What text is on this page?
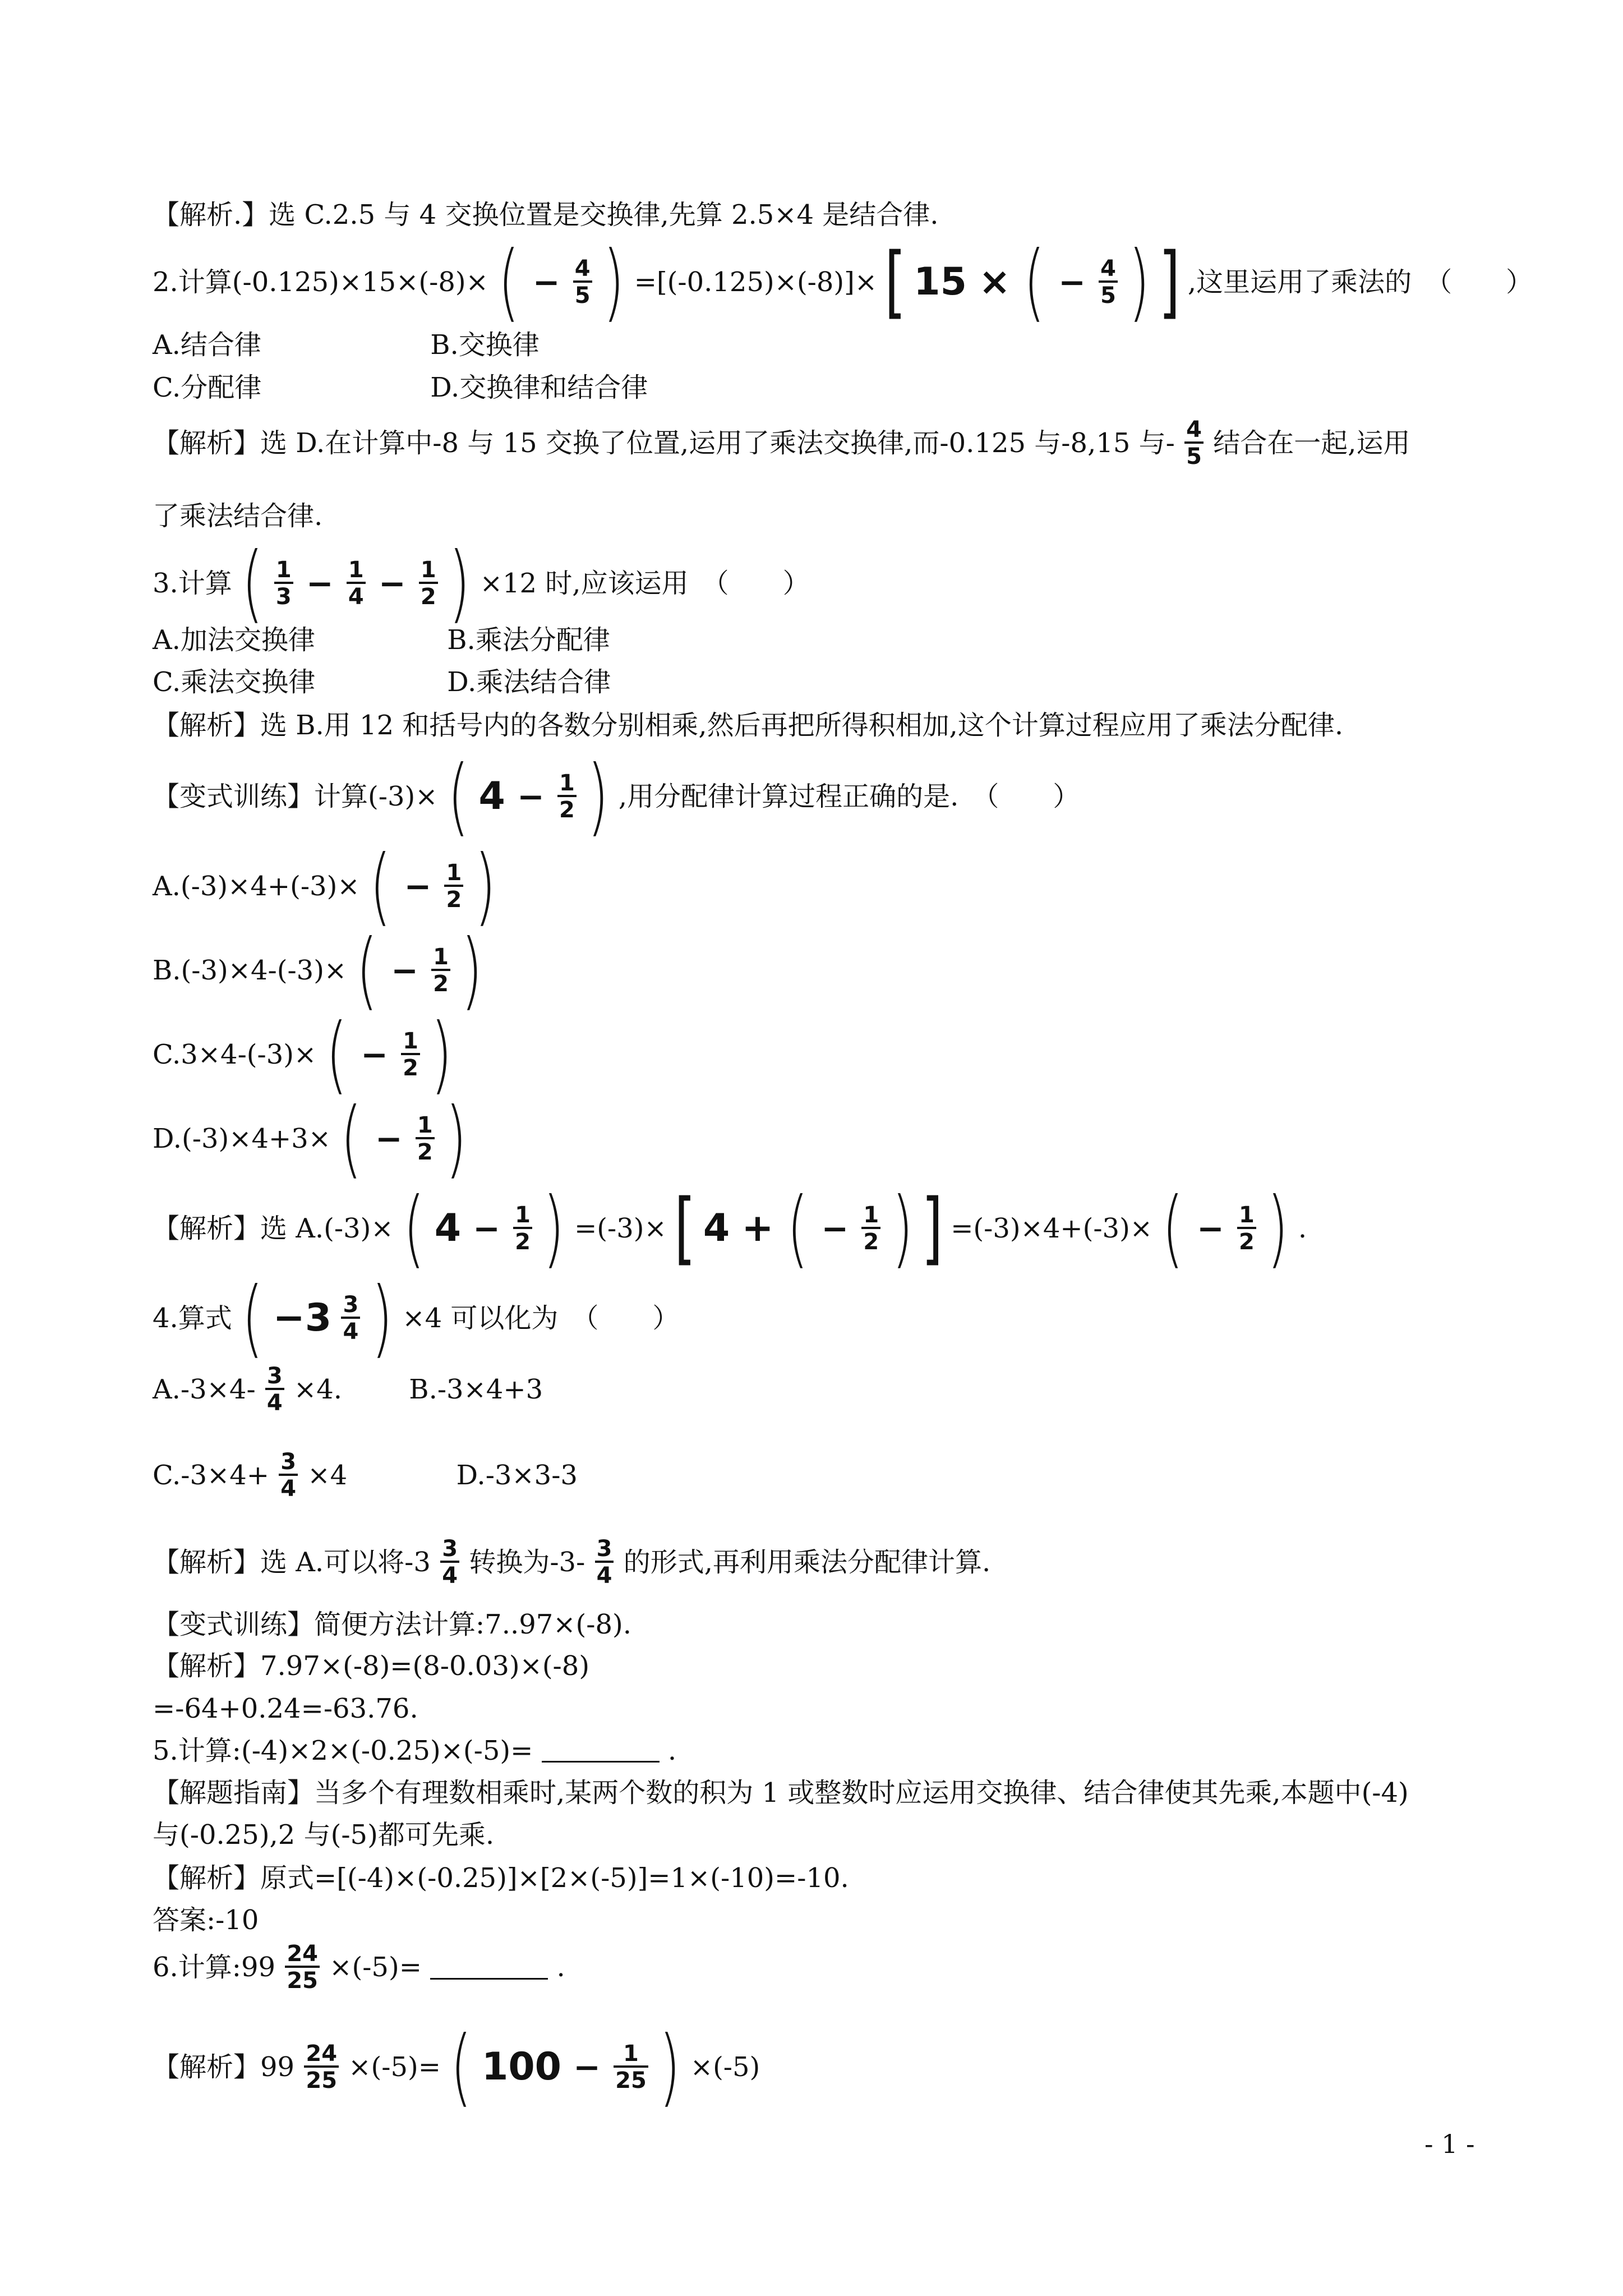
【解析.】选 C.2.5 与 4 交换位置是交换律,先算 2.5×4 是结合律.
2.计算(-0.125)×15×(-8)× ( − $\frac{4}{5}$ ) =[(-0.125)×(-8)]× [ 15 × ( − $\frac{4}{5}$ ) ] ,这里运用了乘法的　（　　）
A.结合律	B.交换律
C.分配律	D.交换律和结合律
【解析】选 D.在计算中-8 与 15 交换了位置,运用了乘法交换律,而-0.125 与-8,15 与- $\frac{4}{5}$ 结合在一起,运用
了乘法结合律.
3.计算 ( $\frac{1}{3} - \frac{1}{4} - \frac{1}{2}$ ) ×12 时,应该运用　（　　）
A.加法交换律	B.乘法分配律
C.乘法交换律	D.乘法结合律
【解析】选 B.用 12 和括号内的各数分别相乘,然后再把所得积相加,这个计算过程应用了乘法分配律.
【变式训练】计算(-3)× ( $4 - \frac{1}{2}$ ) ,用分配律计算过程正确的是.　（　　）
A.(-3)×4+(-3)× ( − $\frac{1}{2}$ )
B.(-3)×4-(-3)× ( − $\frac{1}{2}$ )
C.3×4-(-3)× ( − $\frac{1}{2}$ )
D.(-3)×4+3× ( − $\frac{1}{2}$ )
【解析】选 A.(-3)× ( $4 - \frac{1}{2}$ ) =(-3)× [ 4 + ( − $\frac{1}{2}$ ) ] =(-3)×4+(-3)× ( − $\frac{1}{2}$ ) .
4.算式 ( $-3 \frac{3}{4}$ ) ×4 可以化为　（　　）
$A.-3\times 4- \frac{3}{4} \times 4$. B.-3×4+3
$C.-3\times 4+ \frac{3}{4} \times 4$	D.-3×3-3
【解析】选 A.可以将$-3 \frac{3}{4}$ 转换为$-3- \frac{3}{4}$ 的形式,再利用乘法分配律计算.
【变式训练】简便方法计算:7..97×(-8).
【解析】7.97×(-8)=(8-0.03)×(-8)
=-64+0.24=-63.76.
5.计算:(-4)×2×(-0.25)×(-5)=	.
【解题指南】当多个有理数相乘时,某两个数的积为 1 或整数时应运用交换律、结合律使其先乘,本题中(-4)
与(-0.25),2 与(-5)都可先乘.
【解析】原式=[(-4)×(-0.25)]×[2×(-5)]=1×(-10)=-10.
答案:-10
6.计算:99 $\frac{24}{25} \times(-5)=$	.
【解析】$99 \frac{24}{25} \times(-5)=$ ( $100 - \frac{1}{25}$ ) ×(-5)
- 1 -
